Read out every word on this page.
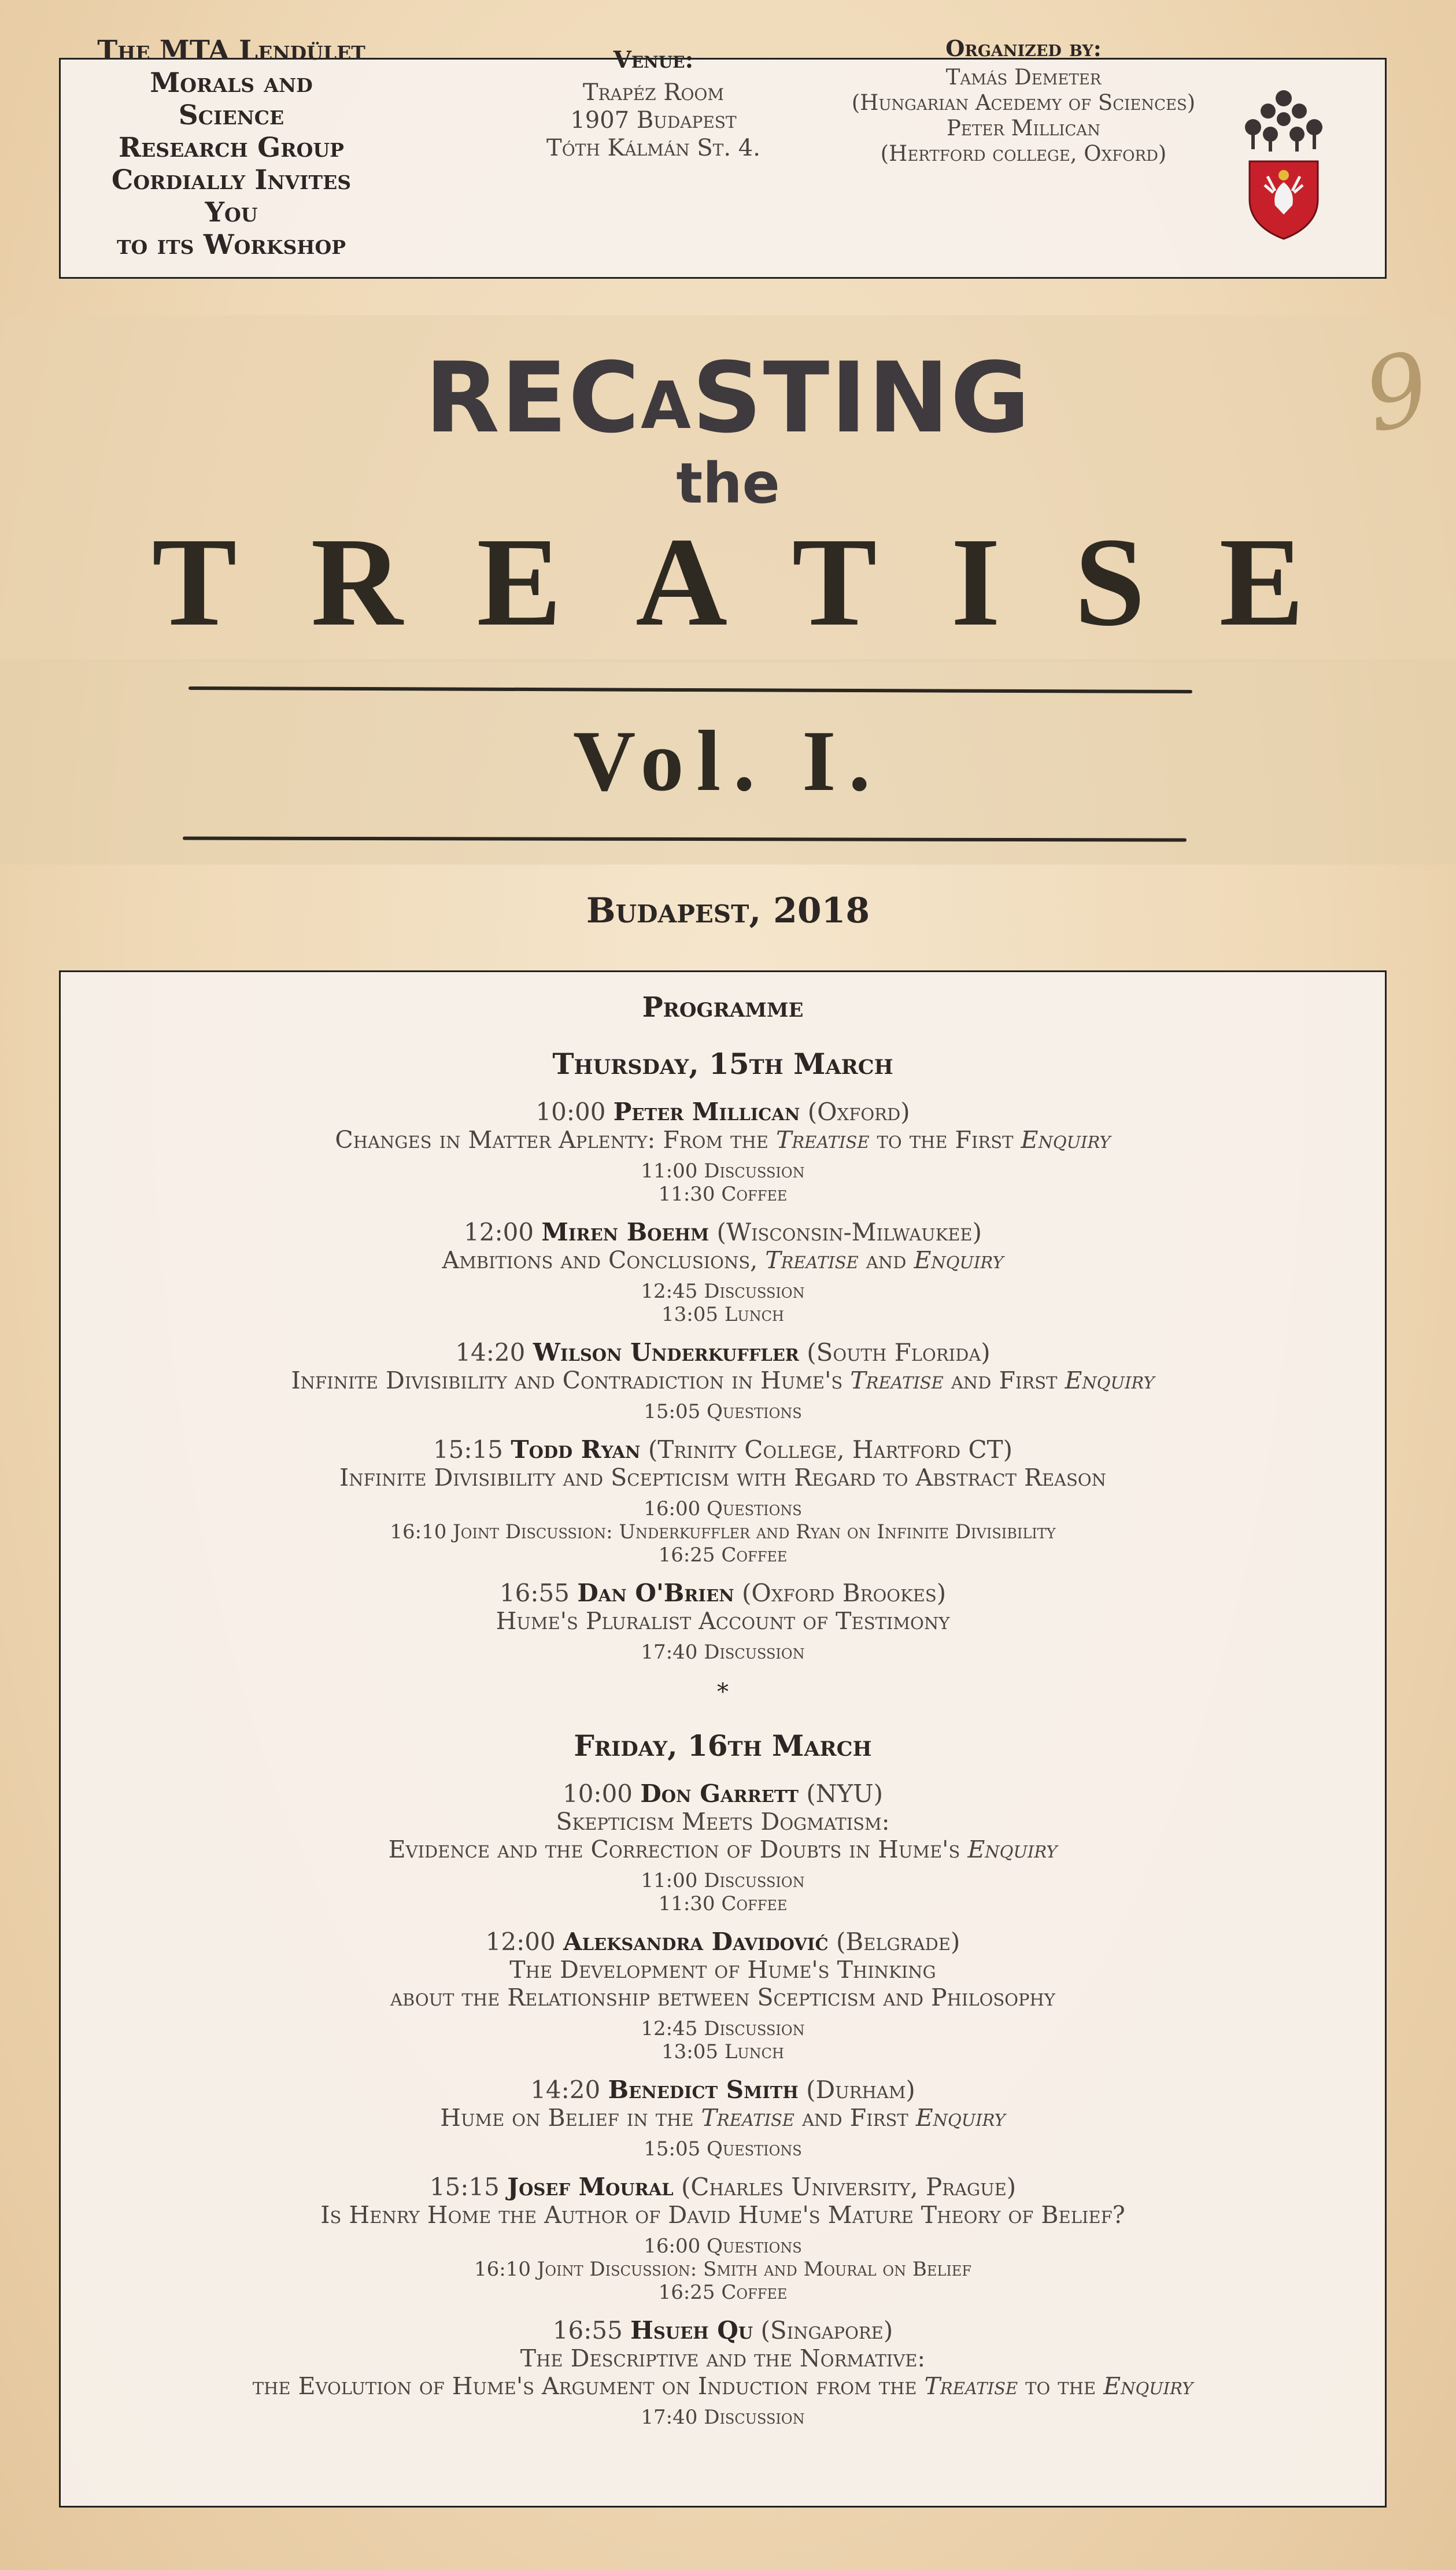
The MTA Lendület
Morals and Science
Research Group
Cordially Invites You
to its Workshop
Venue:
Trapéz Room
1907 Budapest
Tóth Kálmán St. 4.
Organized by:
Tamás Demeter
(Hungarian Acedemy of Sciences)
Peter Millican
(Hertford college, Oxford)
9
RECASTING
the
TREATISE
Vol. I.
Budapest, 2018
Programme
Thursday, 15th March
10:00 Peter Millican (Oxford)
Changes in Matter Aplenty: From the Treatise to the First Enquiry
11:00 Discussion
11:30 Coffee
12:00 Miren Boehm (Wisconsin-Milwaukee)
Ambitions and Conclusions, Treatise and Enquiry
12:45 Discussion
13:05 Lunch
14:20 Wilson Underkuffler (South Florida)
Infinite Divisibility and Contradiction in Hume's Treatise and First Enquiry
15:05 Questions
15:15 Todd Ryan (Trinity College, Hartford CT)
Infinite Divisibility and Scepticism with Regard to Abstract Reason
16:00 Questions
16:10 Joint Discussion: Underkuffler and Ryan on Infinite Divisibility
16:25 Coffee
16:55 Dan O'Brien (Oxford Brookes)
Hume's Pluralist Account of Testimony
17:40 Discussion
*
Friday, 16th March
10:00 Don Garrett (NYU)
Skepticism Meets Dogmatism:
Evidence and the Correction of Doubts in Hume's Enquiry
11:00 Discussion
11:30 Coffee
12:00 Aleksandra Davidović (Belgrade)
The Development of Hume's Thinking
about the Relationship between Scepticism and Philosophy
12:45 Discussion
13:05 Lunch
14:20 Benedict Smith (Durham)
Hume on Belief in the Treatise and First Enquiry
15:05 Questions
15:15 Josef Moural (Charles University, Prague)
Is Henry Home the Author of David Hume's Mature Theory of Belief?
16:00 Questions
16:10 Joint Discussion: Smith and Moural on Belief
16:25 Coffee
16:55 Hsueh Qu (Singapore)
The Descriptive and the Normative:
the Evolution of Hume's Argument on Induction from the Treatise to the Enquiry
17:40 Discussion
